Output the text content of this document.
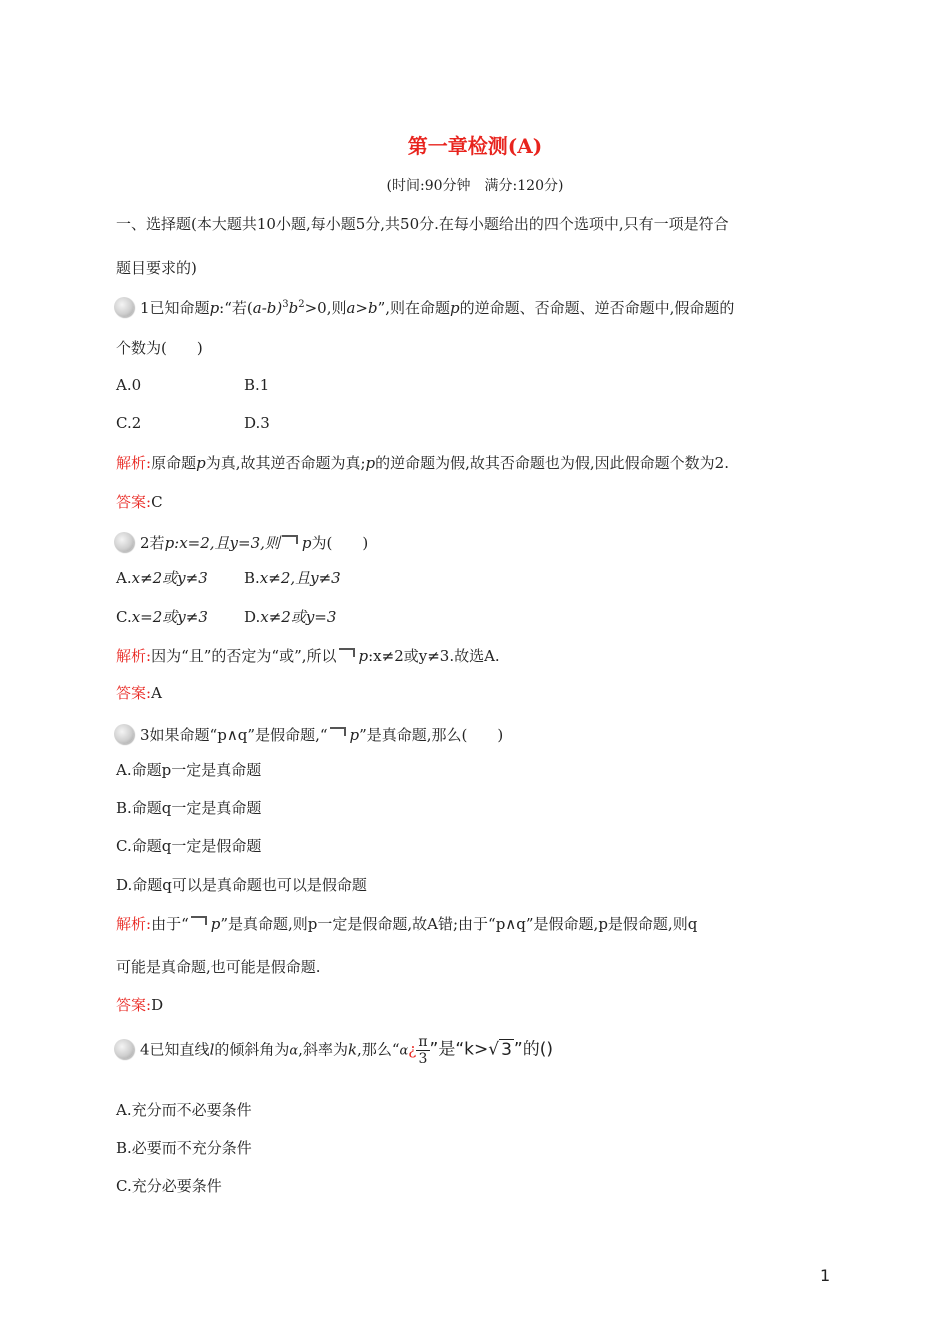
第一章检测(A)
(时间:90分钟　满分:120分)
一、选择题(本大题共10小题,每小题5分,共50分.在每小题给出的四个选项中,只有一项是符合
题目要求的)
1已知命题p:“若$(a-b)^3b^2>0$,则a>b”,则在命题p的逆命题、否命题、逆否命题中,假命题的
个数为(　　)
A.0	B.1
C.2	D.3
解析:原命题p为真,故其逆否命题为真;p的逆命题为假,故其否命题也为假,因此假命题个数为2.
答案:C
2若p:x=2,且y=3,则 p为(　　)
A.x≠2或y≠3 B.x≠2,且y≠3
C.x=2或y≠3 D.x≠2或y=3
解析:因为“且”的否定为“或”,所以 p:x≠2或y≠3.故选A.
答案:A
3如果命题“p∧q”是假命题,“ p”是真命题,那么(　　)
A.命题p一定是真命题
B.命题q一定是真命题
C.命题q一定是假命题
D.命题q可以是真命题也可以是假命题
解析:由于“ p”是真命题,则p一定是假命题,故A错;由于“p∧q”是假命题,p是假命题,则q
可能是真命题,也可能是假命题.
答案:D
4已知直线l的倾斜角为α,斜率为k,那么“α¿ $\frac{\pi}{3}$ ”是“k>√ 3 ”的()
A.充分而不必要条件
B.必要而不充分条件
C.充分必要条件
1
